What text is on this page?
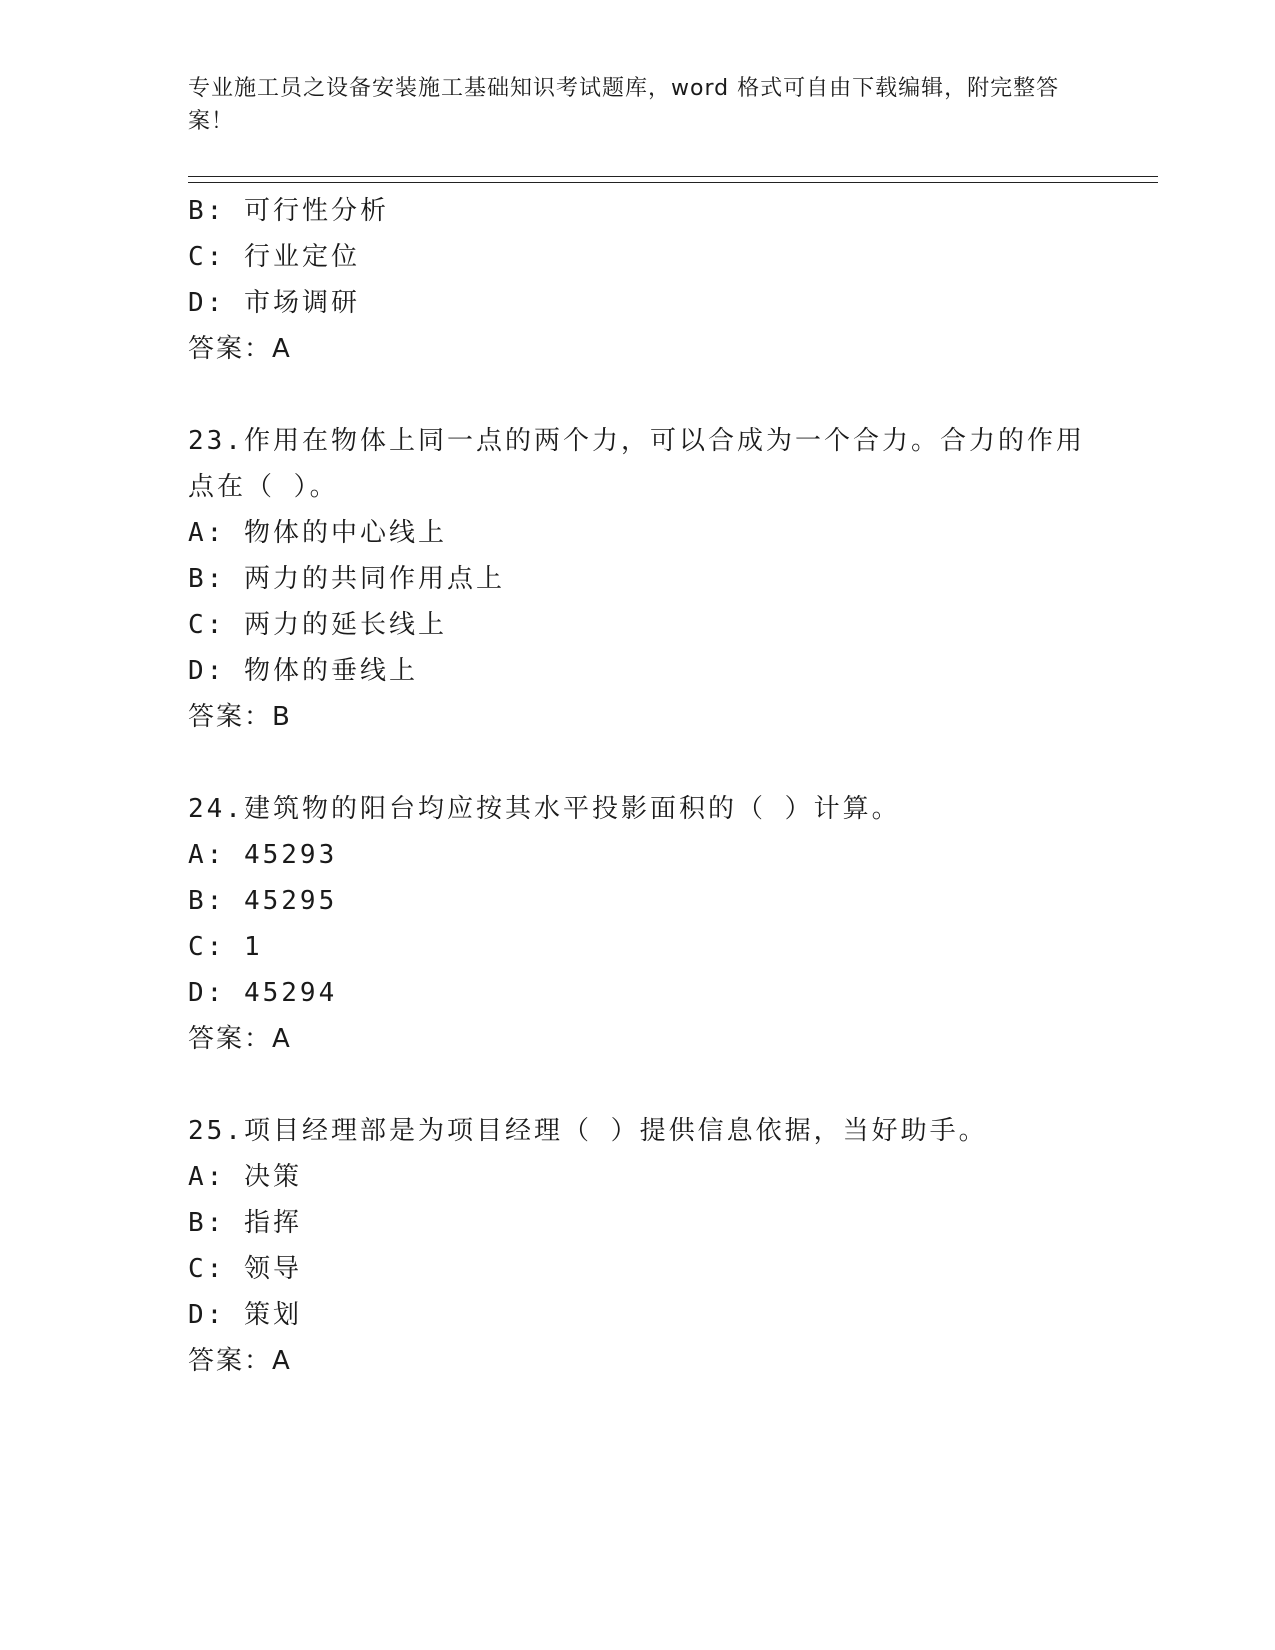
专业施工员之设备安装施工基础知识考试题库，word 格式可自由下载编辑，附完整答案！
B: 可行性分析
C: 行业定位
D: 市场调研
答案：A
23.作用在物体上同一点的两个力，可以合成为一个合力。合力的作用
点在（ ）。
A: 物体的中心线上
B: 两力的共同作用点上
C: 两力的延长线上
D: 物体的垂线上
答案：B
24.建筑物的阳台均应按其水平投影面积的（ ）计算。
A: 45293
B: 45295
C: 1
D: 45294
答案：A
25.项目经理部是为项目经理（ ）提供信息依据，当好助手。
A: 决策
B: 指挥
C: 领导
D: 策划
答案：A
